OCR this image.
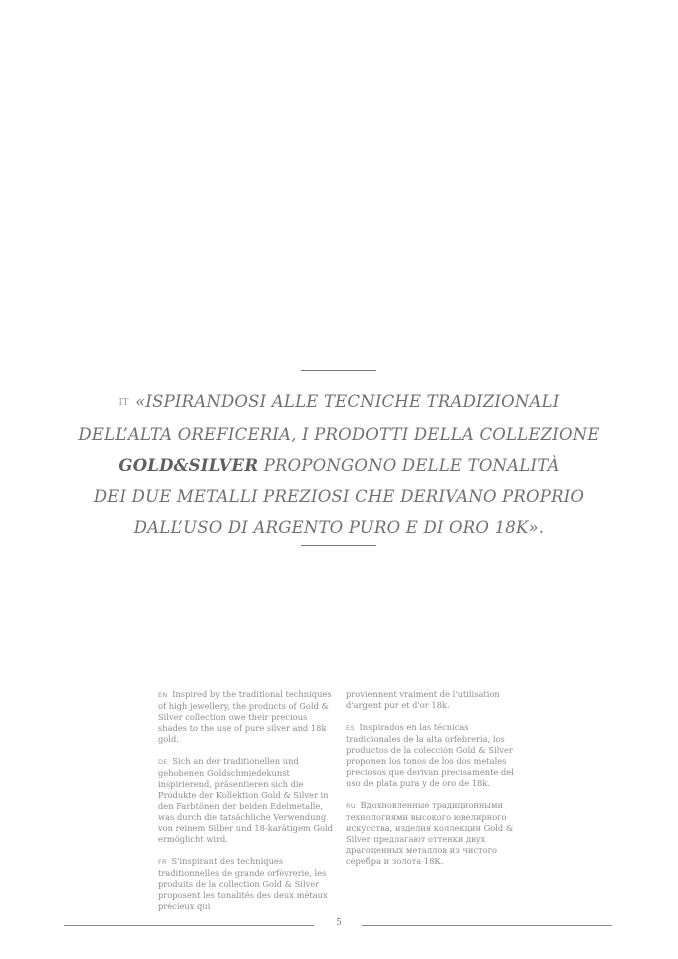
IT «ISPIRANDOSI ALLE TECNICHE TRADIZIONALI
DELL’ALTA OREFICERIA, I PRODOTTI DELLA COLLEZIONE
GOLD&SILVER PROPONGONO DELLE TONALITÀ
DEI DUE METALLI PREZIOSI CHE DERIVANO PROPRIO
DALL’USO DI ARGENTO PURO E DI ORO 18K».

EN Inspired by the traditional techniques of high jewellery, the products of Gold & Silver collection owe their precious shades to the use of pure silver and 18k gold.

DE Sich an der traditionellen und gehobenen Goldschmiedekunst inspirierend, präsentieren sich die Produkte der Kollektion Gold & Silver in den Farbtönen der beiden Edelmetalle, was durch die tatsächliche Verwendung von reinem Silber und 18-karätigem Gold ermöglicht wird.

FR S'inspirant des techniques traditionnelles de grande orfèvrerie, les produits de la collection Gold & Silver proposent les tonalités des deux métaux précieux qui

proviennent vraiment de l'utilisation d'argent pur et d'or 18k.

ES Inspirados en las técnicas tradicionales de la alta orfebrería, los productos de la colección Gold & Silver proponen los tonos de los dos metales preciosos que derivan precisamente del uso de plata pura y de oro de 18k.

RU Вдохновленные традиционными технологиями высокого ювелирного искусства, изделия коллекции Gold & Silver предлагают оттенки двух драгоценных металлов из чистого серебра и золота 18К.

5
